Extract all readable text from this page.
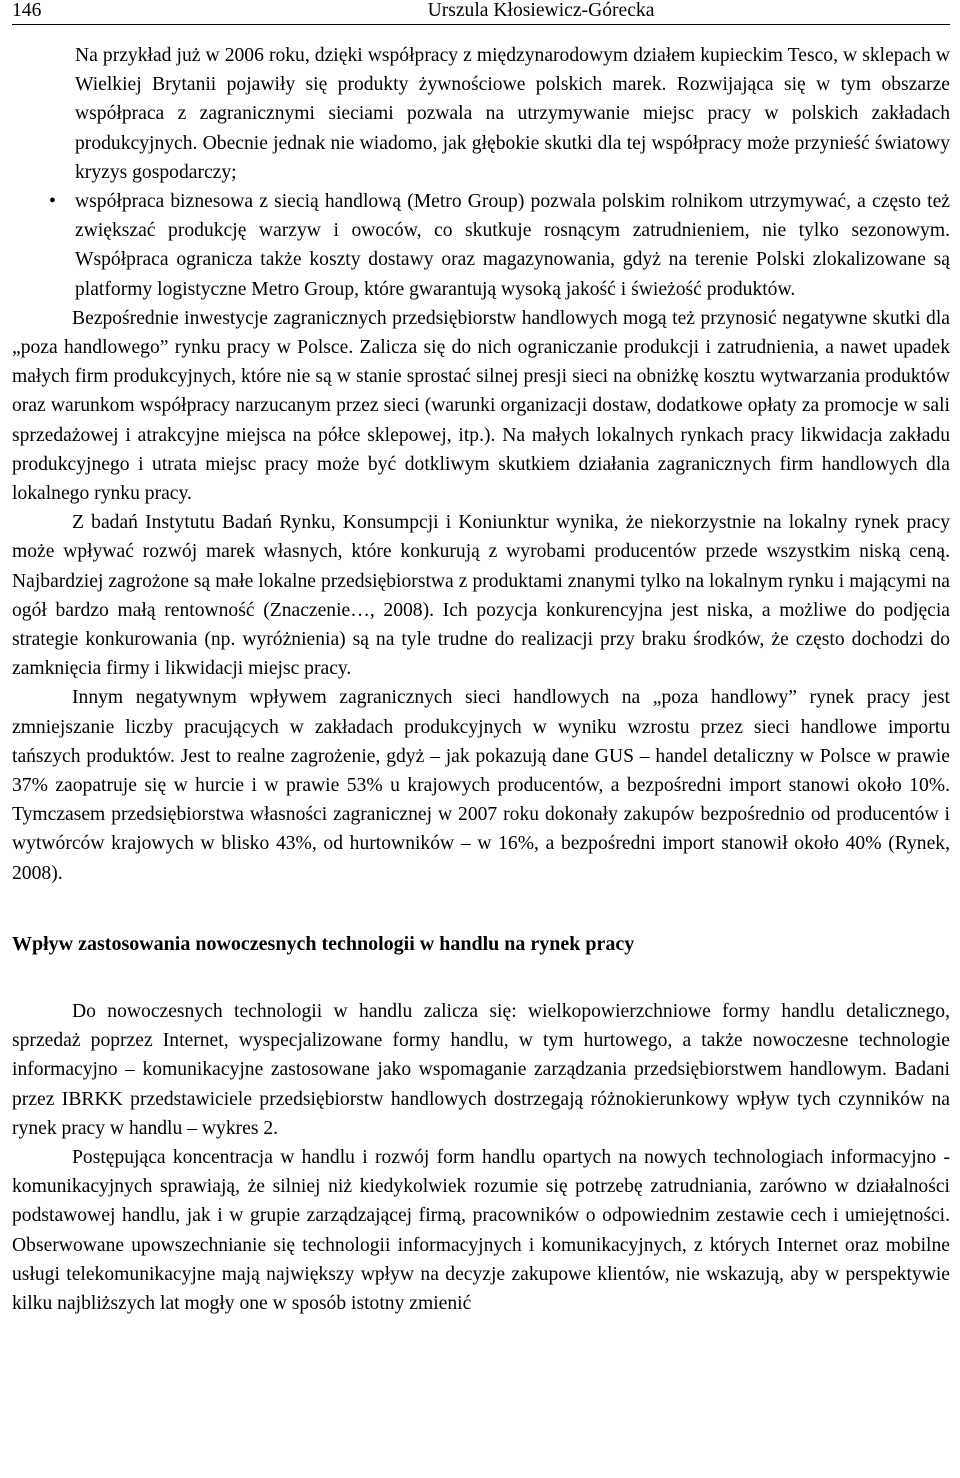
146	Urszula Kłosiewicz-Górecka
Na przykład już w 2006 roku, dzięki współpracy z międzynarodowym działem kupieckim Tesco, w sklepach w Wielkiej Brytanii pojawiły się produkty żywnościowe polskich marek. Rozwijająca się w tym obszarze współpraca z zagranicznymi sieciami pozwala na utrzymywanie miejsc pracy w polskich zakładach produkcyjnych. Obecnie jednak nie wiadomo, jak głębokie skutki dla tej współpracy może przynieść światowy kryzys gospodarczy;
• współpraca biznesowa z siecią handlową (Metro Group) pozwala polskim rolnikom utrzymywać, a często też zwiększać produkcję warzyw i owoców, co skutkuje rosnącym zatrudnieniem, nie tylko sezonowym. Współpraca ogranicza także koszty dostawy oraz magazynowania, gdyż na terenie Polski zlokalizowane są platformy logistyczne Metro Group, które gwarantują wysoką jakość i świeżość produktów.

Bezpośrednie inwestycje zagranicznych przedsiębiorstw handlowych mogą też przynosić negatywne skutki dla „poza handlowego” rynku pracy w Polsce. Zalicza się do nich ograniczanie produkcji i zatrudnienia, a nawet upadek małych firm produkcyjnych, które nie są w stanie sprostać silnej presji sieci na obniżkę kosztu wytwarzania produktów oraz warunkom współpracy narzucanym przez sieci (warunki organizacji dostaw, dodatkowe opłaty za promocje w sali sprzedażowej i atrakcyjne miejsca na półce sklepowej, itp.). Na małych lokalnych rynkach pracy likwidacja zakładu produkcyjnego i utrata miejsc pracy może być dotkliwym skutkiem działania zagranicznych firm handlowych dla lokalnego rynku pracy.

Z badań Instytutu Badań Rynku, Konsumpcji i Koniunktur wynika, że niekorzystnie na lokalny rynek pracy może wpływać rozwój marek własnych, które konkurują z wyrobami producentów przede wszystkim niską ceną. Najbardziej zagrożone są małe lokalne przedsiębiorstwa z produktami znanymi tylko na lokalnym rynku i mającymi na ogół bardzo małą rentowność (Znaczenie…, 2008). Ich pozycja konkurencyjna jest niska, a możliwe do podjęcia strategie konkurowania (np. wyróżnienia) są na tyle trudne do realizacji przy braku środków, że często dochodzi do zamknięcia firmy i likwidacji miejsc pracy.

Innym negatywnym wpływem zagranicznych sieci handlowych na „poza handlowy” rynek pracy jest zmniejszanie liczby pracujących w zakładach produkcyjnych w wyniku wzrostu przez sieci handlowe importu tańszych produktów. Jest to realne zagrożenie, gdyż – jak pokazują dane GUS – handel detaliczny w Polsce w prawie 37% zaopatruje się w hurcie i w prawie 53% u krajowych producentów, a bezpośredni import stanowi około 10%. Tymczasem przedsiębiorstwa własności zagranicznej w 2007 roku dokonały zakupów bezpośrednio od producentów i wytwórców krajowych w blisko 43%, od hurtowników – w 16%, a bezpośredni import stanowił około 40% (Rynek, 2008).

Wpływ zastosowania nowoczesnych technologii w handlu na rynek pracy

Do nowoczesnych technologii w handlu zalicza się: wielkopowierzchniowe formy handlu detalicznego, sprzedaż poprzez Internet, wyspecjalizowane formy handlu, w tym hurtowego, a także nowoczesne technologie informacyjno – komunikacyjne zastosowane jako wspomaganie zarządzania przedsiębiorstwem handlowym. Badani przez IBRKK przedstawiciele przedsiębiorstw handlowych dostrzegają różnokierunkowy wpływ tych czynników na rynek pracy w handlu – wykres 2.

Postępująca koncentracja w handlu i rozwój form handlu opartych na nowych technologiach informacyjno - komunikacyjnych sprawiają, że silniej niż kiedykolwiek rozumie się potrzebę zatrudniania, zarówno w działalności podstawowej handlu, jak i w grupie zarządzającej firmą, pracowników o odpowiednim zestawie cech i umiejętności. Obserwowane upowszechnianie się technologii informacyjnych i komunikacyjnych, z których Internet oraz mobilne usługi telekomunikacyjne mają największy wpływ na decyzje zakupowe klientów, nie wskazują, aby w perspektywie kilku najbliższych lat mogły one w sposób istotny zmienić
